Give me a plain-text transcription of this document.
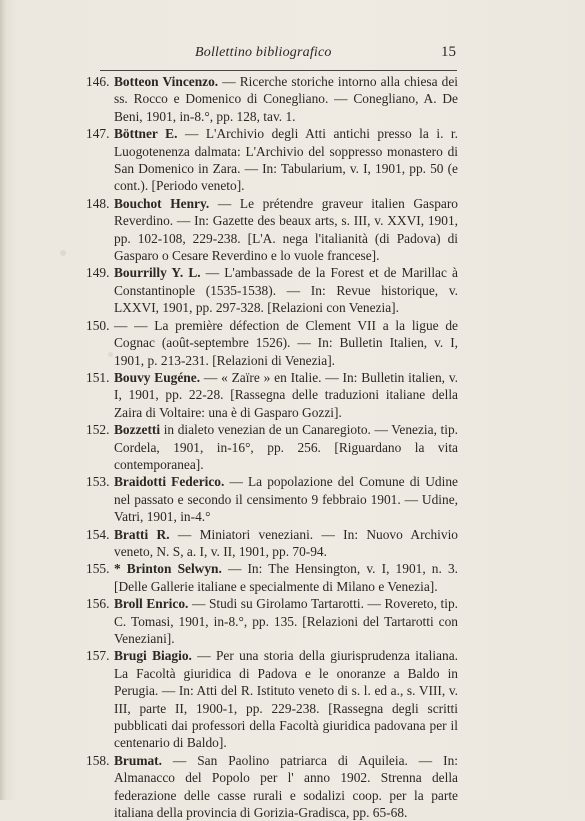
Bollettino bibliografico	15
146. Botteon Vincenzo. — Ricerche storiche intorno alla chiesa dei ss. Rocco e Domenico di Conegliano. — Conegliano, A. De Beni, 1901, in-8.°, pp. 128, tav. 1.
147. Böttner E. — L'Archivio degli Atti antichi presso la i. r. Luogotenenza dalmata: L'Archivio del soppresso monastero di San Domenico in Zara. — In: Tabularium, v. I, 1901, pp. 50 (e cont.). [Periodo veneto].
148. Bouchot Henry. — Le prétendre graveur italien Gasparo Reverdino. — In: Gazette des beaux arts, s. III, v. XXVI, 1901, pp. 102-108, 229-238. [L'A. nega l'italianità (di Padova) di Gasparo o Cesare Reverdino e lo vuole francese].
149. Bourrilly Y. L. — L'ambassade de la Forest et de Marillac à Constantinople (1535-1538). — In: Revue historique, v. LXXVI, 1901, pp. 297-328. [Relazioni con Venezia].
150. — — La première défection de Clement VII a la ligue de Cognac (août-septembre 1526). — In: Bulletin Italien, v. I, 1901, p. 213-231. [Relazioni di Venezia].
151. Bouvy Eugéne. — « Zaïre » en Italie. — In: Bulletin italien, v. I, 1901, pp. 22-28. [Rassegna delle traduzioni italiane della Zaira di Voltaire: una è di Gasparo Gozzi].
152. Bozzetti in dialeto venezian de un Canaregioto. — Venezia, tip. Cordela, 1901, in-16°, pp. 256. [Riguardano la vita contemporanea].
153. Braidotti Federico. — La popolazione del Comune di Udine nel passato e secondo il censimento 9 febbraio 1901. — Udine, Vatri, 1901, in-4.°
154. Bratti R. — Miniatori veneziani. — In: Nuovo Archivio veneto, N. S, a. I, v. II, 1901, pp. 70-94.
155. * Brinton Selwyn. — In: The Hensington, v. I, 1901, n. 3. [Delle Gallerie italiane e specialmente di Milano e Venezia].
156. Broll Enrico. — Studi su Girolamo Tartarotti. — Rovereto, tip. C. Tomasi, 1901, in-8.°, pp. 135. [Relazioni del Tartarotti con Veneziani].
157. Brugi Biagio. — Per una storia della giurisprudenza italiana. La Facoltà giuridica di Padova e le onoranze a Baldo in Perugia. — In: Atti del R. Istituto veneto di s. l. ed a., s. VIII, v. III, parte II, 1900-1, pp. 229-238. [Rassegna degli scritti pubblicati dai professori della Facoltà giuridica padovana per il centenario di Baldo].
158. Brumat. — San Paolino patriarca di Aquileia. — In: Almanacco del Popolo per l' anno 1902. Strenna della federazione delle casse rurali e sodalizi coop. per la parte italiana della provincia di Gorizia-Gradisca, pp. 65-68.
